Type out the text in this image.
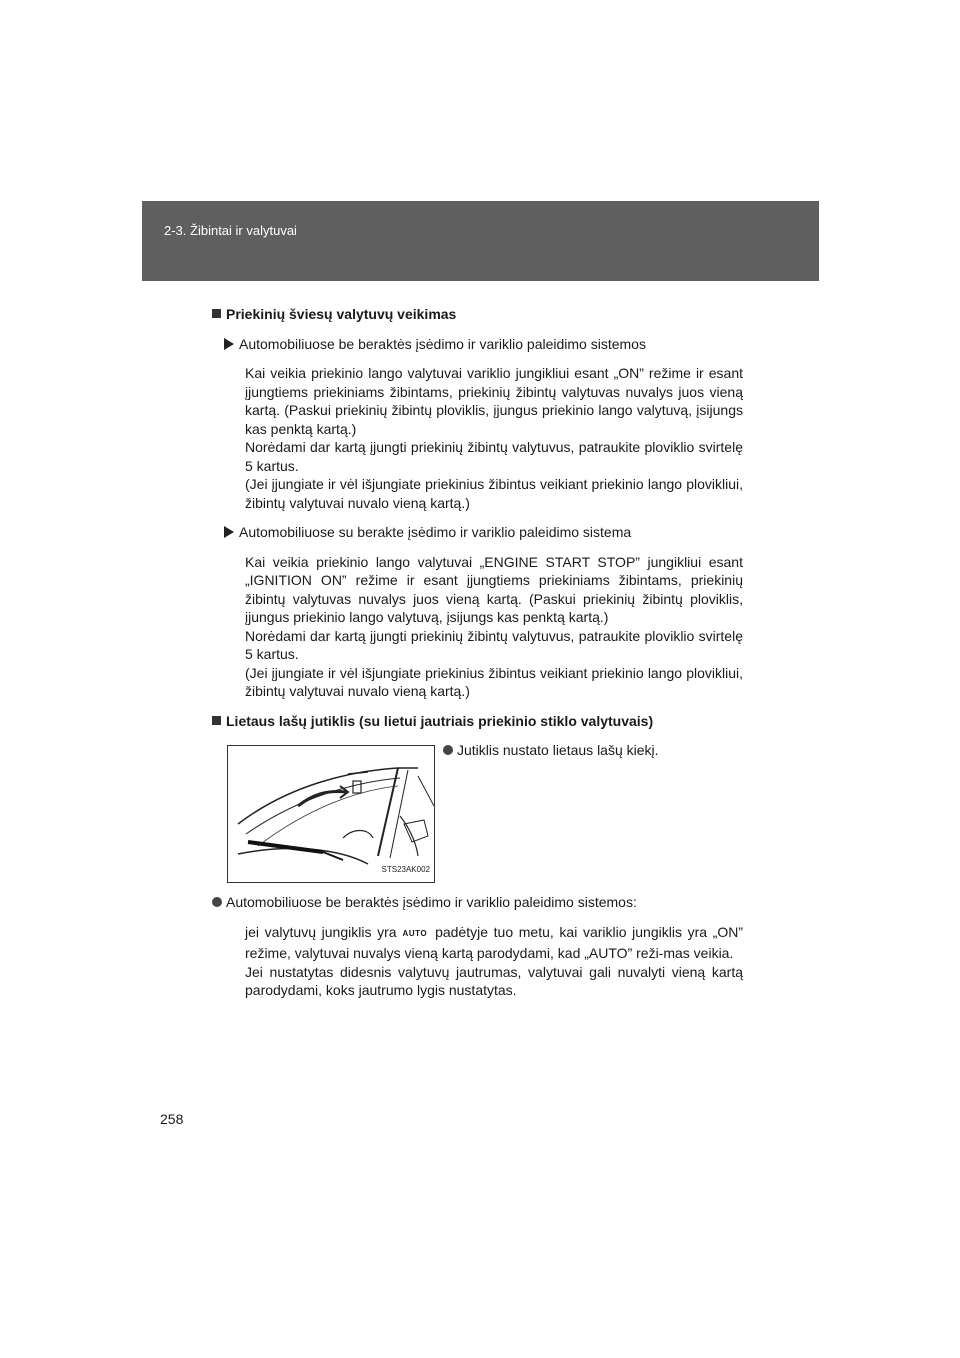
2-3. Žibintai ir valytuvai
Priekinių šviesų valytuvų veikimas
Automobiliuose be beraktės įsėdimo ir variklio paleidimo sistemos

Kai veikia priekinio lango valytuvai variklio jungikliui esant „ON” režime ir esant įjungtiems priekiniams žibintams, priekinių žibintų valytuvas nuvalys juos vieną kartą. (Paskui priekinių žibintų ploviklis, įjungus priekinio lango valytuvą, įsijungs kas penktą kartą.)

Norėdami dar kartą įjungti priekinių žibintų valytuvus, patraukite ploviklio svirtelę 5 kartus.

(Jei įjungiate ir vėl išjungiate priekinius žibintus veikiant priekinio lango plovikliui, žibintų valytuvai nuvalo vieną kartą.)

Automobiliuose su berakte įsėdimo ir variklio paleidimo sistema

Kai veikia priekinio lango valytuvai „ENGINE START STOP” jungikliui esant „IGNITION ON” režime ir esant įjungtiems priekiniams žibintams, priekinių žibintų valytuvas nuvalys juos vieną kartą. (Paskui priekinių žibintų ploviklis, įjungus priekinio lango valytuvą, įsijungs kas penktą kartą.)

Norėdami dar kartą įjungti priekinių žibintų valytuvus, patraukite ploviklio svirtelę 5 kartus.

(Jei įjungiate ir vėl išjungiate priekinius žibintus veikiant priekinio lango plovikliui, žibintų valytuvai nuvalo vieną kartą.)

Lietaus lašų jutiklis (su lietui jautriais priekinio stiklo valytuvais)
STS23AK002
Jutiklis nustato lietaus lašų kiekį.
Automobiliuose be beraktės įsėdimo ir variklio paleidimo sistemos:

jei valytuvų jungiklis yra AUTO padėtyje tuo metu, kai variklio jungiklis yra „ON” režime, valytuvai nuvalys vieną kartą parodydami, kad „AUTO” reži-mas veikia.

Jei nustatytas didesnis valytuvų jautrumas, valytuvai gali nuvalyti vieną kartą parodydami, koks jautrumo lygis nustatytas.

258
